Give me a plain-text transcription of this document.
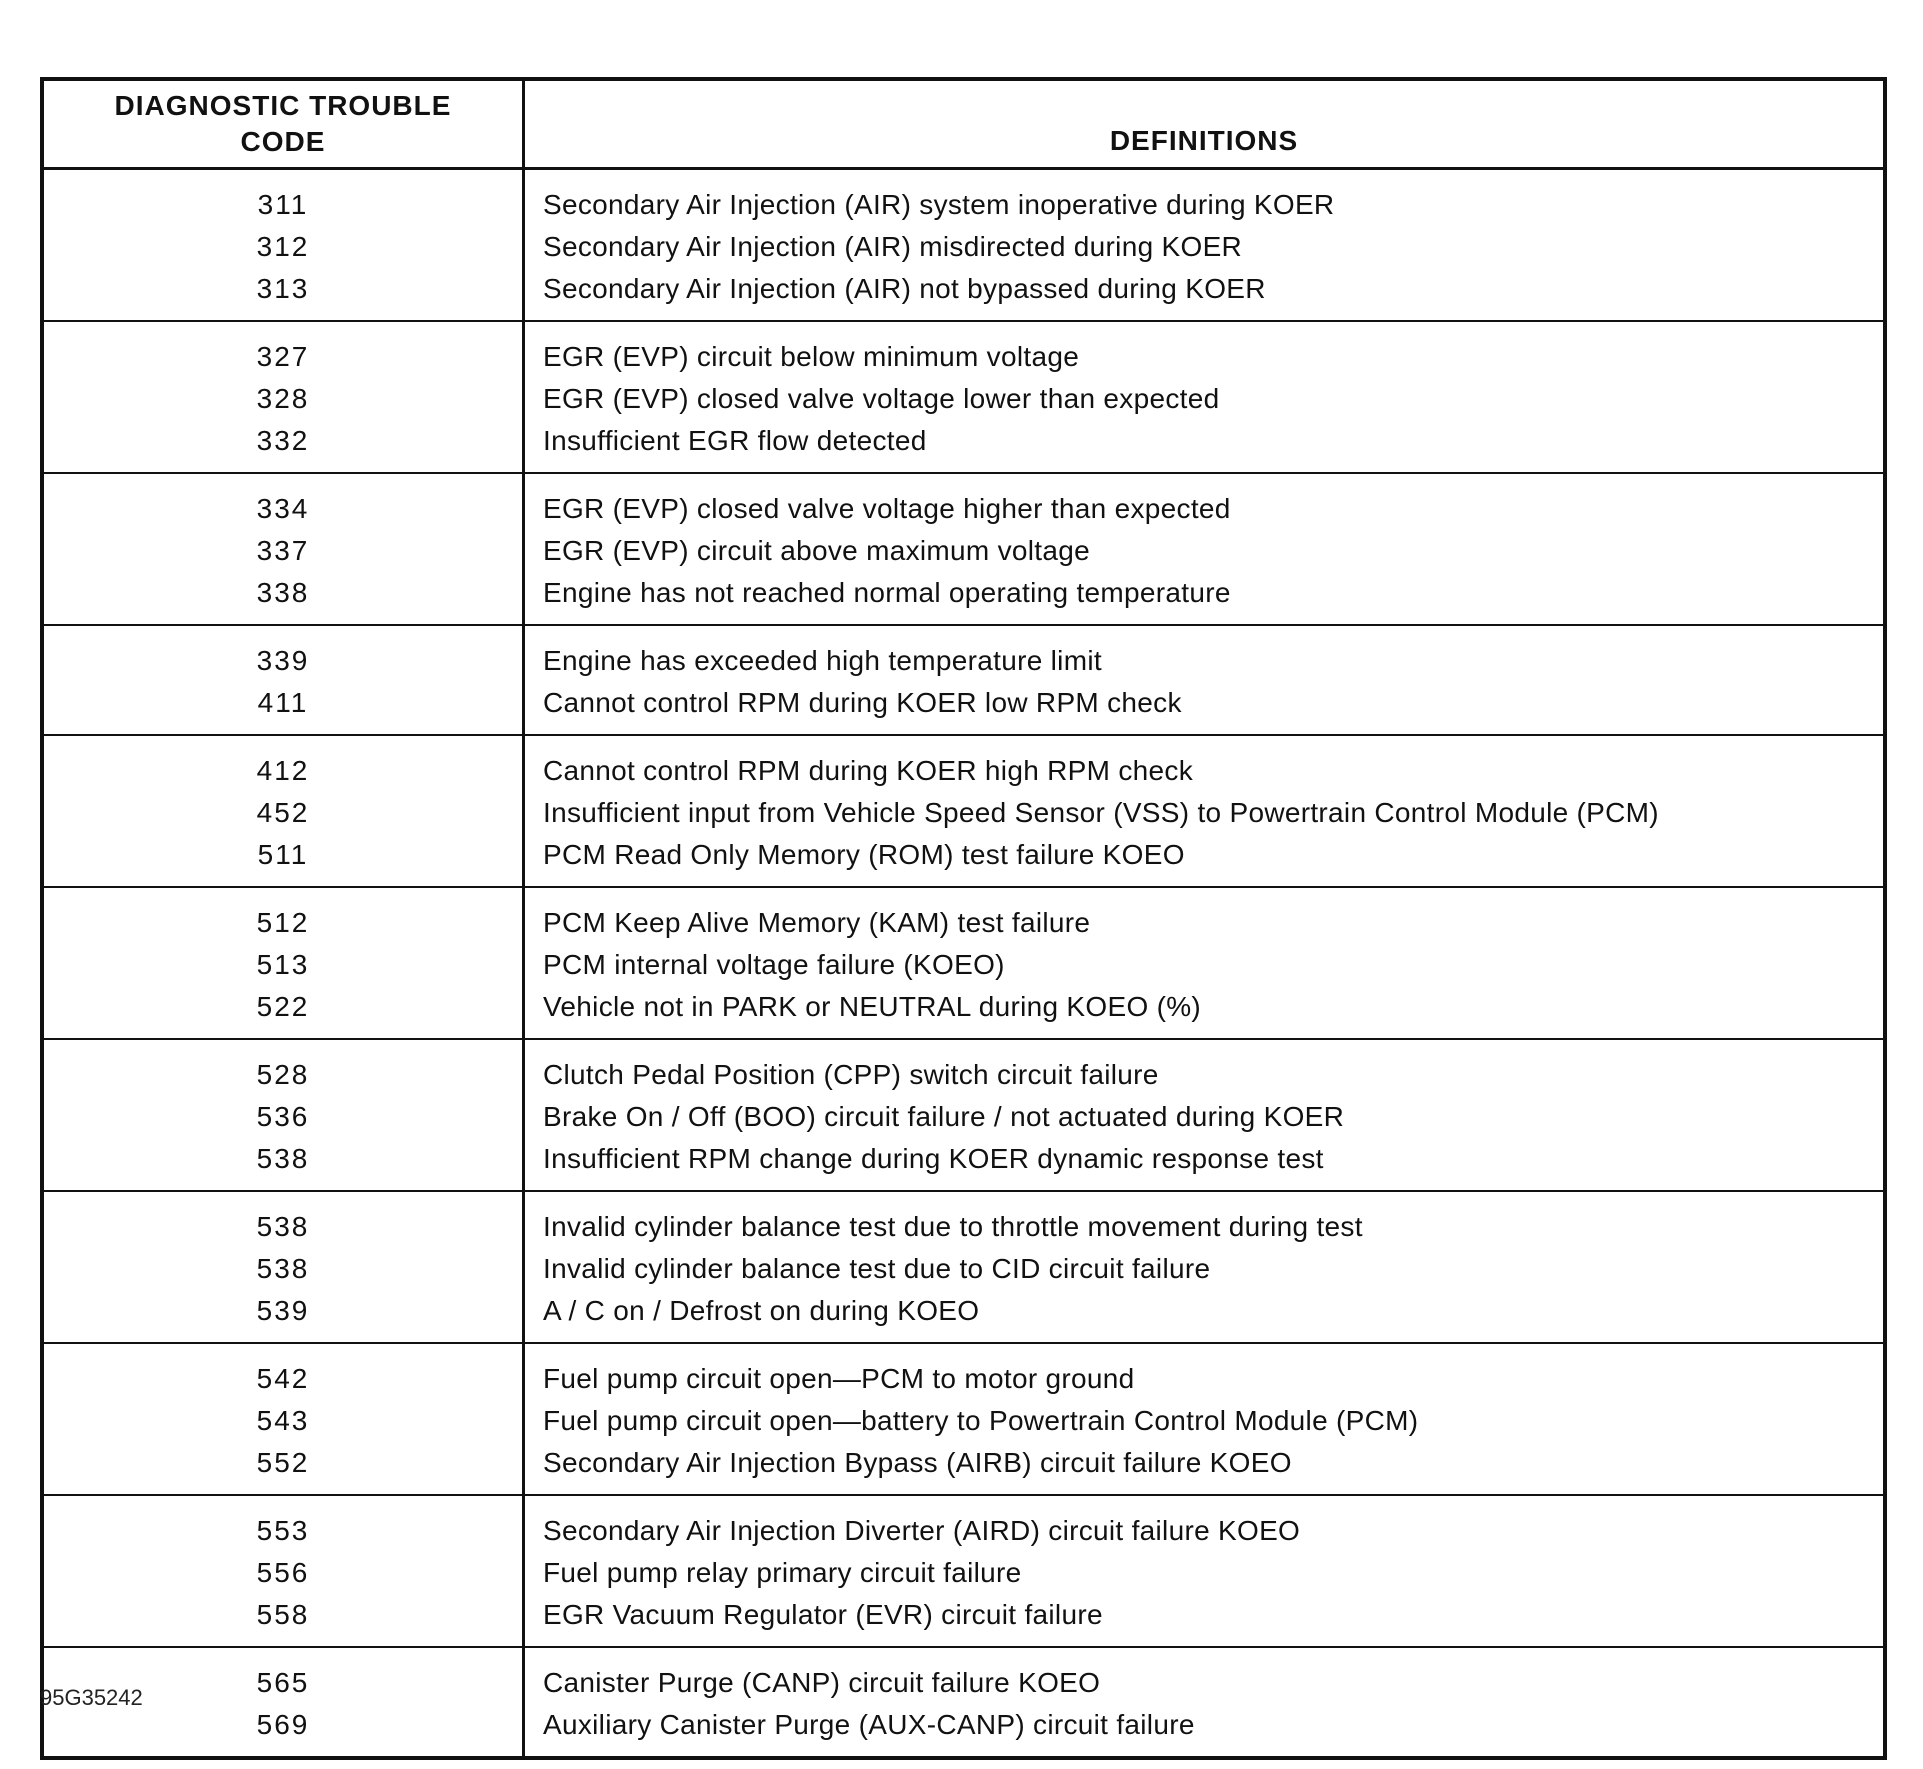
DIAGNOSTIC TROUBLE
CODE	DEFINITIONS
311
312
313
Secondary Air Injection (AIR) system inoperative during KOER
Secondary Air Injection (AIR) misdirected during KOER
Secondary Air Injection (AIR) not bypassed during KOER
327
328
332
EGR (EVP) circuit below minimum voltage
EGR (EVP) closed valve voltage lower than expected
Insufficient EGR flow detected
334
337
338
EGR (EVP) closed valve voltage higher than expected
EGR (EVP) circuit above maximum voltage
Engine has not reached normal operating temperature
339
411
Engine has exceeded high temperature limit
Cannot control RPM during KOER low RPM check
412
452
511
Cannot control RPM during KOER high RPM check
Insufficient input from Vehicle Speed Sensor (VSS) to Powertrain Control Module (PCM)
PCM Read Only Memory (ROM) test failure KOEO
512
513
522
PCM Keep Alive Memory (KAM) test failure
PCM internal voltage failure (KOEO)
Vehicle not in PARK or NEUTRAL during KOEO (%)
528
536
538
Clutch Pedal Position (CPP) switch circuit failure
Brake On / Off (BOO) circuit failure / not actuated during KOER
Insufficient RPM change during KOER dynamic response test
538
538
539
Invalid cylinder balance test due to throttle movement during test
Invalid cylinder balance test due to CID circuit failure
A / C on / Defrost on during KOEO
542
543
552
Fuel pump circuit open—PCM to motor ground
Fuel pump circuit open—battery to Powertrain Control Module (PCM)
Secondary Air Injection Bypass (AIRB) circuit failure KOEO
553
556
558
Secondary Air Injection Diverter (AIRD) circuit failure KOEO
Fuel pump relay primary circuit failure
EGR Vacuum Regulator (EVR) circuit failure
565
569
Canister Purge (CANP) circuit failure KOEO
Auxiliary Canister Purge (AUX-CANP) circuit failure
95G35242
